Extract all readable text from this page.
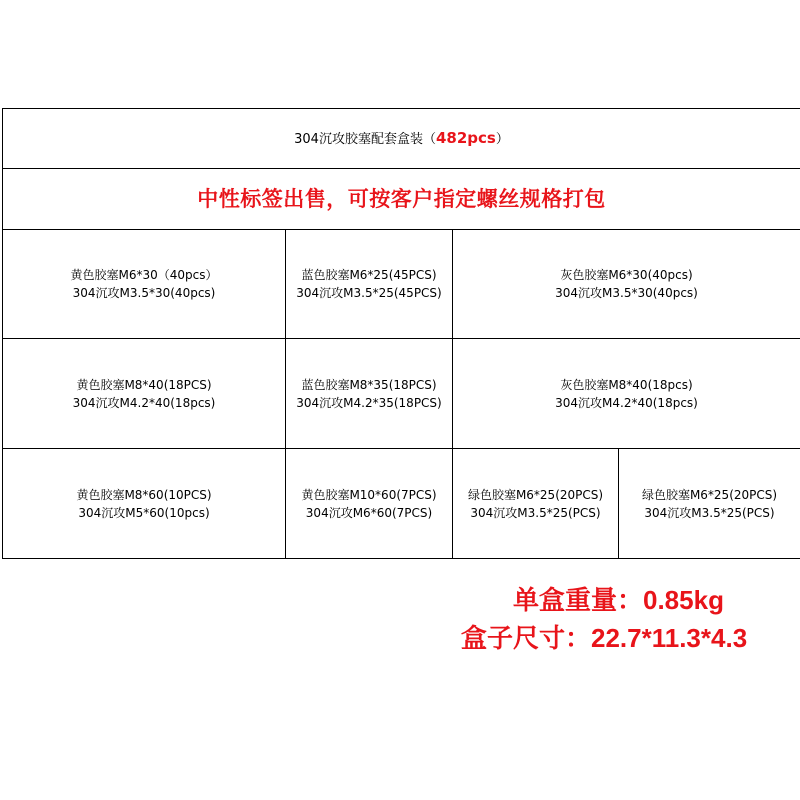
304沉攻胶塞配套盒装（482pcs）
中性标签出售，可按客户指定螺丝规格打包
黄色胶塞M6*30（40pcs）
304沉攻M3.5*30(40pcs)
蓝色胶塞M6*25(45PCS)
304沉攻M3.5*25(45PCS)
灰色胶塞M6*30(40pcs)
304沉攻M3.5*30(40pcs)
黄色胶塞M8*40(18PCS)
304沉攻M4.2*40(18pcs)
蓝色胶塞M8*35(18PCS)
304沉攻M4.2*35(18PCS)
灰色胶塞M8*40(18pcs)
304沉攻M4.2*40(18pcs)
黄色胶塞M8*60(10PCS)
304沉攻M5*60(10pcs)
黄色胶塞M10*60(7PCS)
304沉攻M6*60(7PCS)
绿色胶塞M6*25(20PCS)
304沉攻M3.5*25(PCS)
绿色胶塞M6*25(20PCS)
304沉攻M3.5*25(PCS)
单盒重量：0.85kg
盒子尺寸：22.7*11.3*4.3
